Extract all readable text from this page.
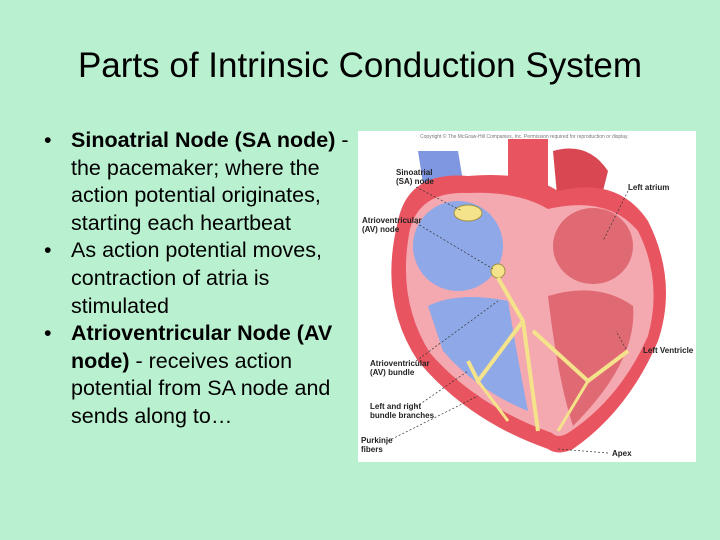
Parts of Intrinsic Conduction System
• Sinoatrial Node (SA node) - the pacemaker; where the action potential originates, starting each heartbeat
• As action potential moves, contraction of atria is stimulated
• Atrioventricular Node (AV node) - receives action potential from SA node and sends along to…
Copyright © The McGraw-Hill Companies, Inc. Permission required for reproduction or display.
Sinoatrial
(SA) node
Left atrium
Atrioventricular
(AV) node
Left Ventricle
Atrioventricular
(AV) bundle
Left and right
bundle branches
Purkinje
fibers	Apex
